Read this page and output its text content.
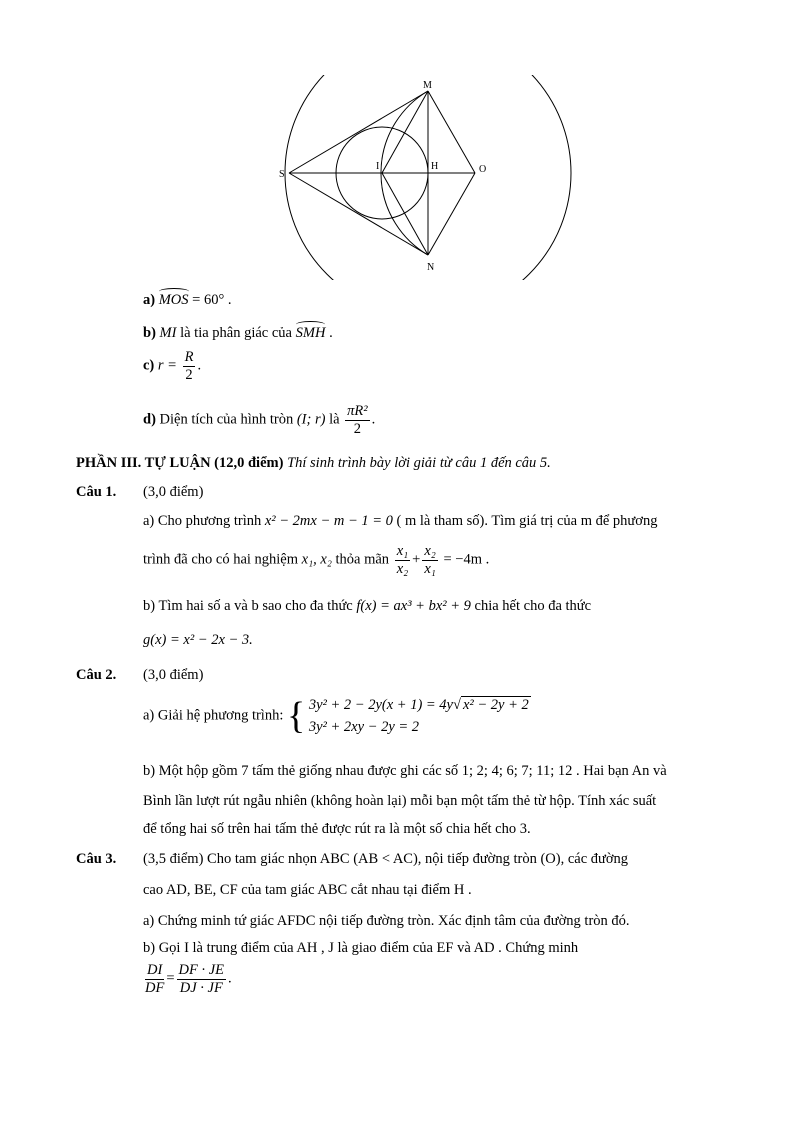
M
S
I	H	O
N
a) MOS = 60° .
b) MI là tia phân giác của SMH .
c) $r = \frac{R}{2}$ .
d) Diện tích của hình tròn (I; r) là $\frac{\text{πR²}}{2}$ .
PHẦN III. TỰ LUẬN (12,0 điểm) Thí sinh trình bày lời giải từ câu 1 đến câu 5.
Câu 1. (3,0 điểm)
a) Cho phương trình x² − 2mx − m − 1 = 0 ( m là tham số). Tìm giá trị của m để phương
trình đã cho có hai nghiệm x₁, x₂ thỏa mãn $\frac{\text{x₁}}{\text{x₂}} + \frac{\text{x₂}}{\text{x₁}} = -4m$ .
b) Tìm hai số a và b sao cho đa thức f(x) = ax³ + bx² + 9 chia hết cho đa thức
g(x) = x² − 2x − 3.
Câu 2. (3,0 điểm)
a) Giải hệ phương trình: { 3y² + 2 − 2y(x + 1) = 4y√ x² − 2y + 2
3y² + 2xy − 2y = 2
b) Một hộp gồm 7 tấm thẻ giống nhau được ghi các số 1; 2; 4; 6; 7; 11; 12 . Hai bạn An và
Bình lần lượt rút ngẫu nhiên (không hoàn lại) mỗi bạn một tấm thẻ từ hộp. Tính xác suất
để tổng hai số trên hai tấm thẻ được rút ra là một số chia hết cho 3.
Câu 3. (3,5 điểm) Cho tam giác nhọn ABC (AB < AC), nội tiếp đường tròn (O), các đường
cao AD, BE, CF của tam giác ABC cắt nhau tại điểm H .
a) Chứng minh tứ giác AFDC nội tiếp đường tròn. Xác định tâm của đường tròn đó.
b) Gọi I là trung điểm của AH , J là giao điểm của EF và AD . Chứng minh
$\frac{DI}{DF} = \frac{DF \cdot JE}{DJ \cdot JF}$ .
